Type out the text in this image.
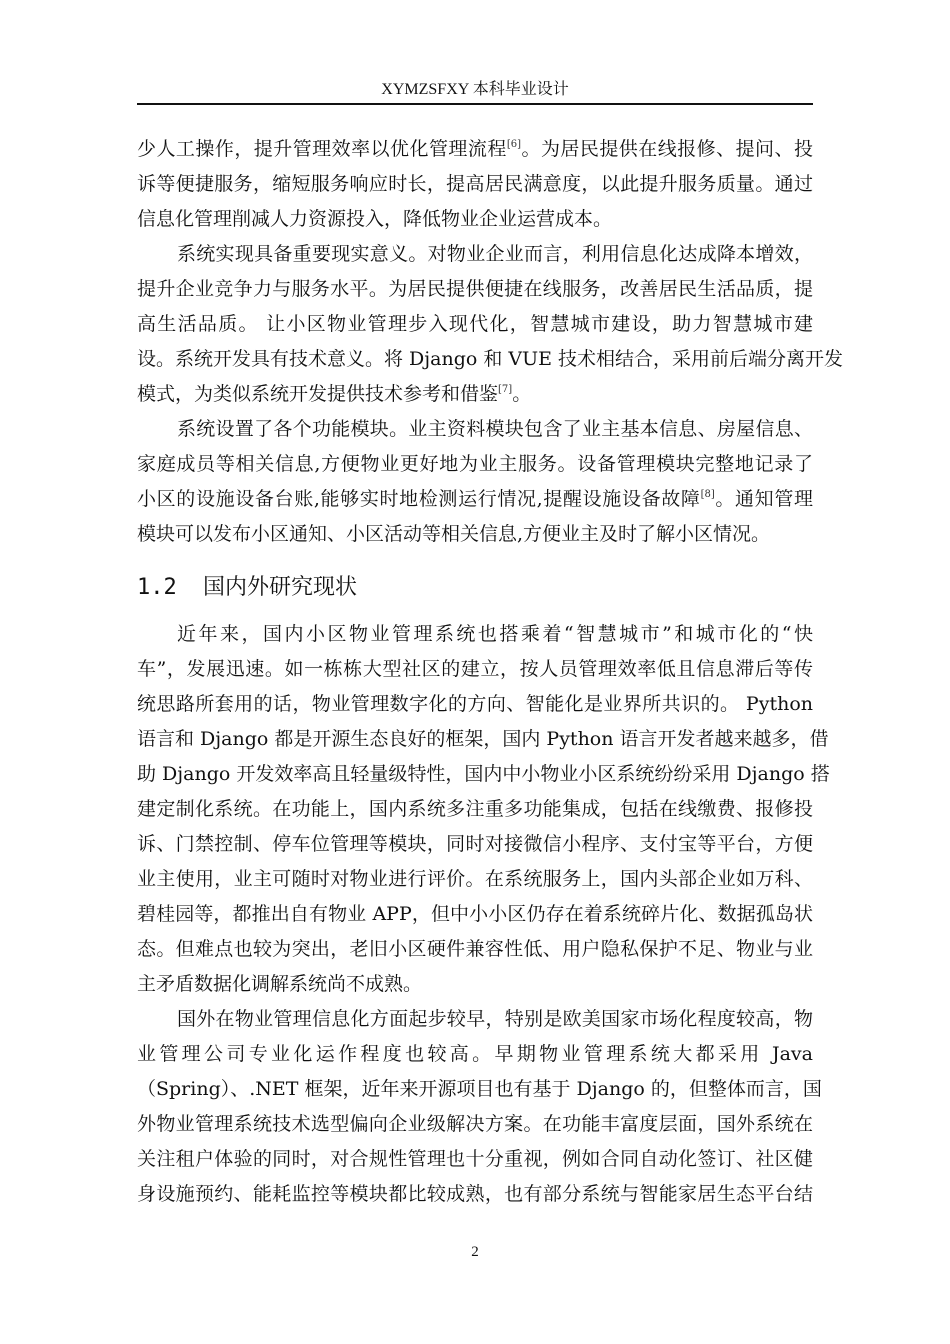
XYMZSFXY 本科毕业设计
少人工操作，提升管理效率以优化管理流程[6]。为居民提供在线报修、提问、投
诉等便捷服务，缩短服务响应时长，提高居民满意度，以此提升服务质量。通过
信息化管理削减人力资源投入，降低物业企业运营成本。
系统实现具备重要现实意义。对物业企业而言，利用信息化达成降本增效，
提升企业竞争力与服务水平。为居民提供便捷在线服务，改善居民生活品质，提
高生活品质。 让小区物业管理步入现代化，智慧城市建设，助力智慧城市建
设。系统开发具有技术意义。将 Django 和 VUE 技术相结合，采用前后端分离开发
模式，为类似系统开发提供技术参考和借鉴[7]。
系统设置了各个功能模块。业主资料模块包含了业主基本信息、房屋信息、
家庭成员等相关信息,方便物业更好地为业主服务。设备管理模块完整地记录了
小区的设施设备台账,能够实时地检测运行情况,提醒设施设备故障[8]。通知管理
模块可以发布小区通知、小区活动等相关信息,方便业主及时了解小区情况。
1.2 国内外研究现状
近年来，国内小区物业管理系统也搭乘着“智慧城市”和城市化的“快
车”，发展迅速。如一栋栋大型社区的建立，按人员管理效率低且信息滞后等传
统思路所套用的话，物业管理数字化的方向、智能化是业界所共识的。 Python
语言和 Django 都是开源生态良好的框架，国内 Python 语言开发者越来越多，借
助 Django 开发效率高且轻量级特性，国内中小物业小区系统纷纷采用 Django 搭
建定制化系统。在功能上，国内系统多注重多功能集成，包括在线缴费、报修投
诉、门禁控制、停车位管理等模块，同时对接微信小程序、支付宝等平台，方便
业主使用，业主可随时对物业进行评价。在系统服务上，国内头部企业如万科、
碧桂园等，都推出自有物业 APP，但中小小区仍存在着系统碎片化、数据孤岛状
态。但难点也较为突出，老旧小区硬件兼容性低、用户隐私保护不足、物业与业
主矛盾数据化调解系统尚不成熟。
国外在物业管理信息化方面起步较早，特别是欧美国家市场化程度较高，物
业管理公司专业化运作程度也较高。早期物业管理系统大都采用 Java
（Spring）、.NET 框架，近年来开源项目也有基于 Django 的，但整体而言，国
外物业管理系统技术选型偏向企业级解决方案。在功能丰富度层面，国外系统在
关注租户体验的同时，对合规性管理也十分重视，例如合同自动化签订、社区健
身设施预约、能耗监控等模块都比较成熟，也有部分系统与智能家居生态平台结
2
